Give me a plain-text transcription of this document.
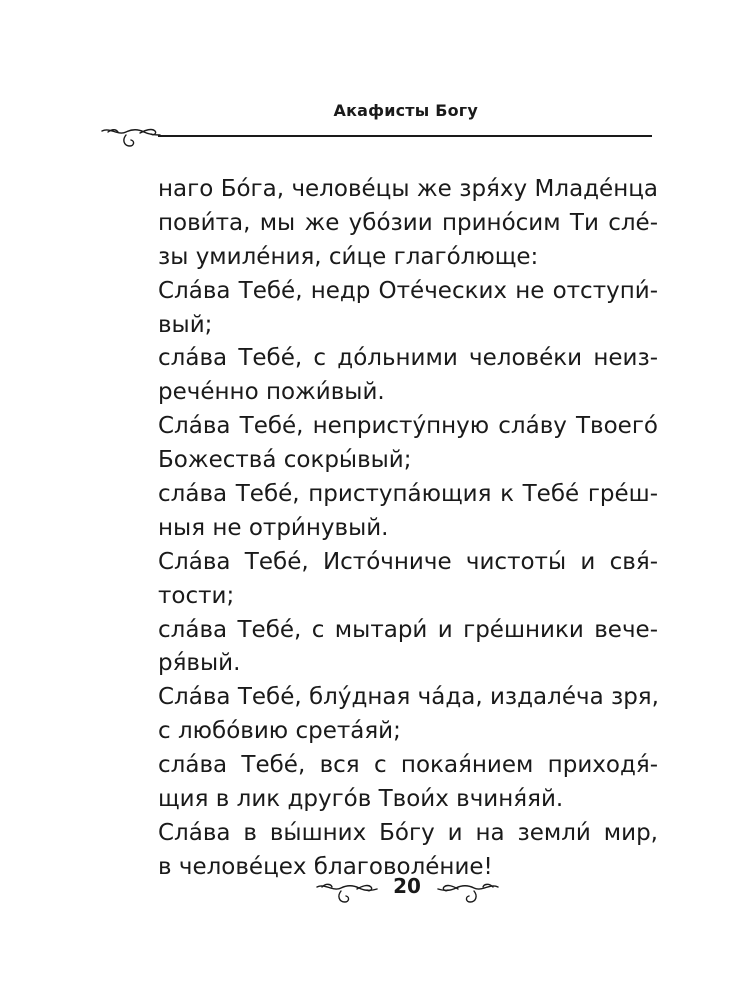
Акафисты Богу
наго Бо́га, челове́цы же зря́ху Младе́нца
пови́та, мы же убо́зии прино́сим Ти сле́-
зы умиле́ния, си́це глаго́люще:
Сла́ва Тебе́, недр Оте́ческих не отступи́-
вый;
сла́ва Тебе́, с до́льними челове́ки неиз-
рече́нно пожи́вый.
Сла́ва Тебе́, непристу́пную сла́ву Твоего́
Божества́ сокры́вый;
сла́ва Тебе́, приступа́ющия к Тебе́ гре́ш-
ныя не отри́нувый.
Сла́ва Тебе́, Исто́чниче чистоты́ и свя́-
тости;
сла́ва Тебе́, с мытари́ и гре́шники вече-
ря́вый.
Сла́ва Тебе́, блу́дная ча́да, издале́ча зря,
с любо́вию срета́яй;
сла́ва Тебе́, вся с покая́нием приходя́-
щия в лик друго́в Твои́х вчиня́яй.
Сла́ва в вы́шних Бо́гу и на земли́ мир,
в челове́цех благоволе́ние!
20
